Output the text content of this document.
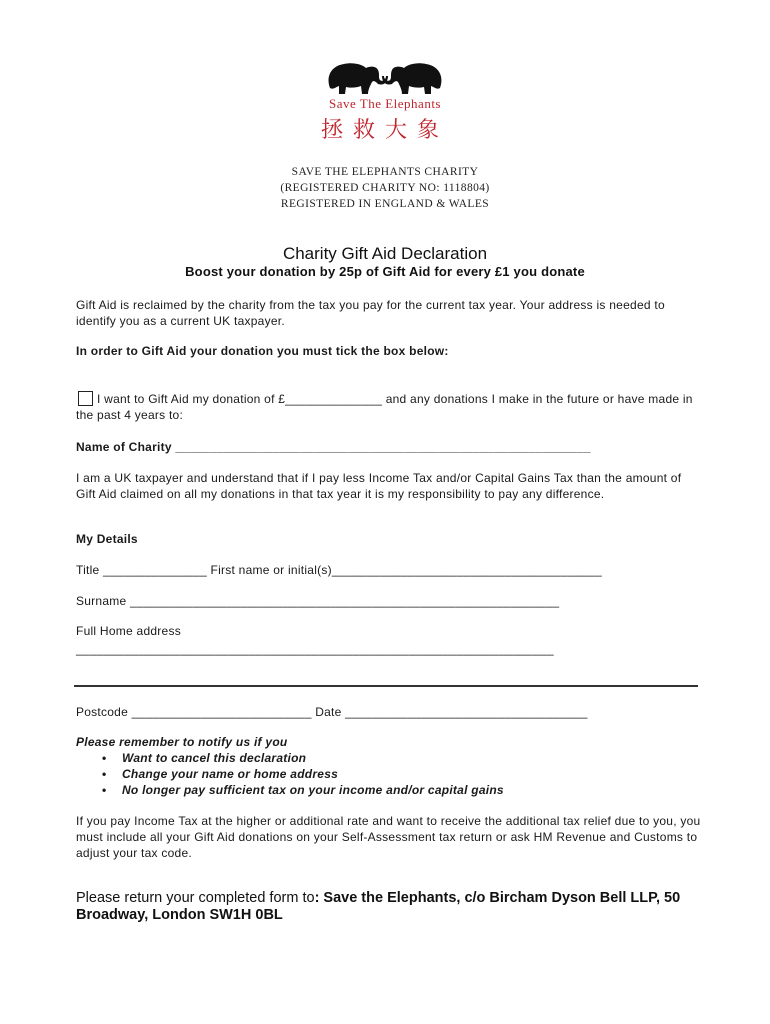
Save The Elephants
拯救大象
SAVE THE ELEPHANTS CHARITY
(REGISTERED CHARITY NO: 1118804)
REGISTERED IN ENGLAND & WALES
Charity Gift Aid Declaration
Boost your donation by 25p of Gift Aid for every £1 you donate
Gift Aid is reclaimed by the charity from the tax you pay for the current tax year. Your address is needed to identify you as a current UK taxpayer.
In order to Gift Aid your donation you must tick the box below:
I want to Gift Aid my donation of £______________ and any donations I make in the future or have made in the past 4 years to:
Name of Charity ____________________________________________________________
I am a UK taxpayer and understand that if I pay less Income Tax and/or Capital Gains Tax than the amount of Gift Aid claimed on all my donations in that tax year it is my responsibility to pay any difference.
My Details
Title _______________ First name or initial(s)_______________________________________
Surname ______________________________________________________________
Full Home address
_____________________________________________________________________
Postcode __________________________ Date ___________________________________
Please remember to notify us if you
• Want to cancel this declaration
• Change your name or home address
• No longer pay sufficient tax on your income and/or capital gains
If you pay Income Tax at the higher or additional rate and want to receive the additional tax relief due to you, you must include all your Gift Aid donations on your Self-Assessment tax return or ask HM Revenue and Customs to adjust your tax code.
Please return your completed form to: Save the Elephants, c/o Bircham Dyson Bell LLP, 50 Broadway, London SW1H 0BL
